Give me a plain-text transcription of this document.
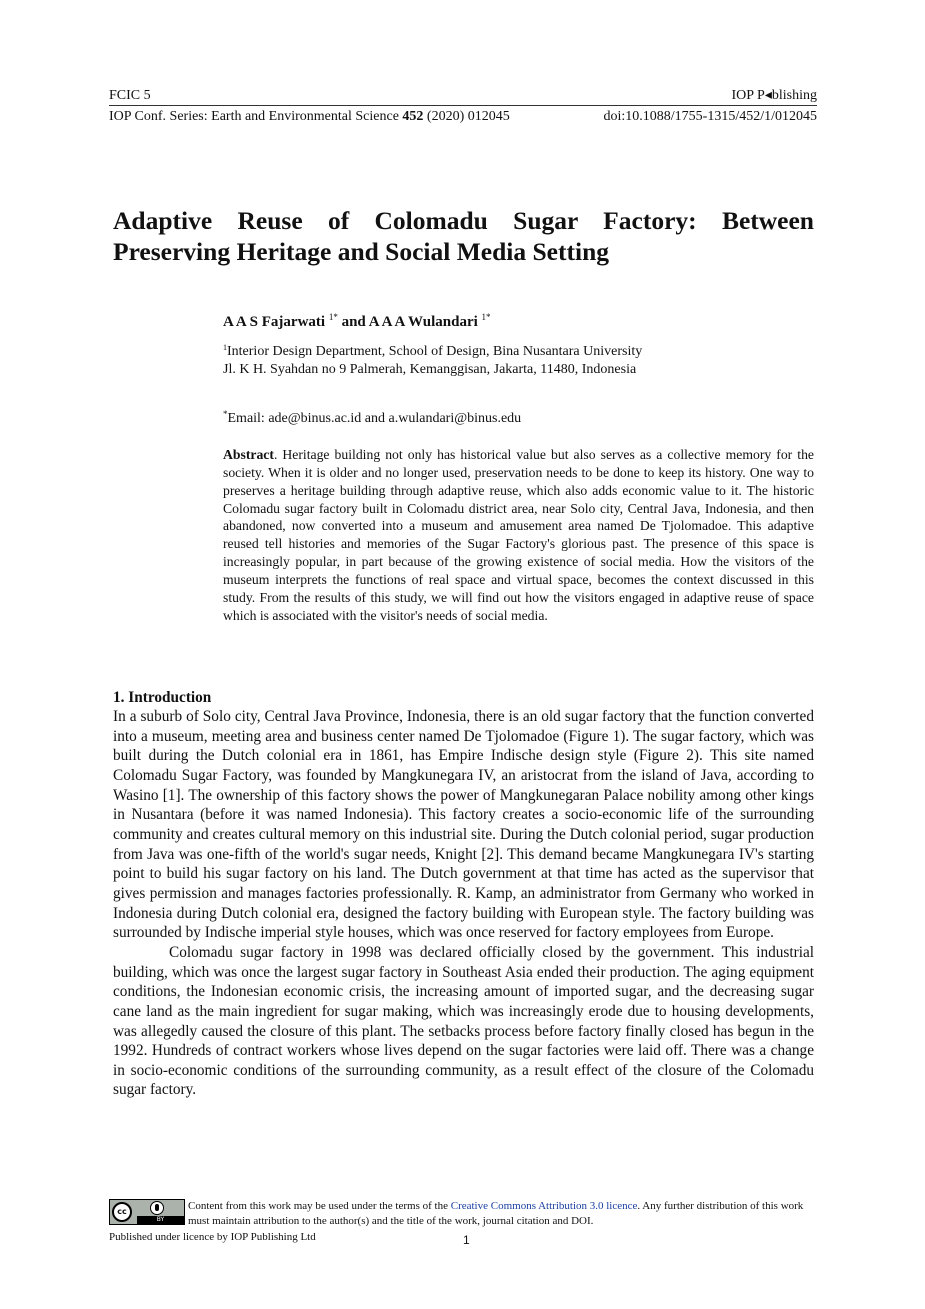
FCIC 5	IOP P◂blishing
IOP Conf. Series: Earth and Environmental Science 452 (2020) 012045	doi:10.1088/1755-1315/452/1/012045
Adaptive Reuse of Colomadu Sugar Factory: Between Preserving Heritage and Social Media Setting
A A S Fajarwati $^{1*}$ and A A A Wulandari $^{1*}$
$^1$Interior Design Department, School of Design, Bina Nusantara University
Jl. K H. Syahdan no 9 Palmerah, Kemanggisan, Jakarta, 11480, Indonesia
*Email: ade@binus.ac.id and a.wulandari@binus.edu
Abstract. Heritage building not only has historical value but also serves as a collective memory for the society. When it is older and no longer used, preservation needs to be done to keep its history. One way to preserves a heritage building through adaptive reuse, which also adds economic value to it. The historic Colomadu sugar factory built in Colomadu district area, near Solo city, Central Java, Indonesia, and then abandoned, now converted into a museum and amusement area named De Tjolomadoe. This adaptive reused tell histories and memories of the Sugar Factory's glorious past. The presence of this space is increasingly popular, in part because of the growing existence of social media. How the visitors of the museum interprets the functions of real space and virtual space, becomes the context discussed in this study. From the results of this study, we will find out how the visitors engaged in adaptive reuse of space which is associated with the visitor's needs of social media.
1. Introduction

In a suburb of Solo city, Central Java Province, Indonesia, there is an old sugar factory that the function converted into a museum, meeting area and business center named De Tjolomadoe (Figure 1). The sugar factory, which was built during the Dutch colonial era in 1861, has Empire Indische design style (Figure 2). This site named Colomadu Sugar Factory, was founded by Mangkunegara IV, an aristocrat from the island of Java, according to Wasino [1]. The ownership of this factory shows the power of Mangkunegaran Palace nobility among other kings in Nusantara (before it was named Indonesia). This factory creates a socio-economic life of the surrounding community and creates cultural memory on this industrial site. During the Dutch colonial period, sugar production from Java was one-fifth of the world's sugar needs, Knight [2]. This demand became Mangkunegara IV's starting point to build his sugar factory on his land. The Dutch government at that time has acted as the supervisor that gives permission and manages factories professionally. R. Kamp, an administrator from Germany who worked in Indonesia during Dutch colonial era, designed the factory building with European style. The factory building was surrounded by Indische imperial style houses, which was once reserved for factory employees from Europe.

Colomadu sugar factory in 1998 was declared officially closed by the government. This industrial building, which was once the largest sugar factory in Southeast Asia ended their production. The aging equipment conditions, the Indonesian economic crisis, the increasing amount of imported sugar, and the decreasing sugar cane land as the main ingredient for sugar making, which was increasingly erode due to housing developments, was allegedly caused the closure of this plant. The setbacks process before factory finally closed has begun in the 1992. Hundreds of contract workers whose lives depend on the sugar factories were laid off. There was a change in socio-economic conditions of the surrounding community, as a result effect of the closure of the Colomadu sugar factory.

cc
BY
Content from this work may be used under the terms of the Creative Commons Attribution 3.0 licence. Any further distribution of this work must maintain attribution to the author(s) and the title of the work, journal citation and DOI.
Published under licence by IOP Publishing Ltd	1
